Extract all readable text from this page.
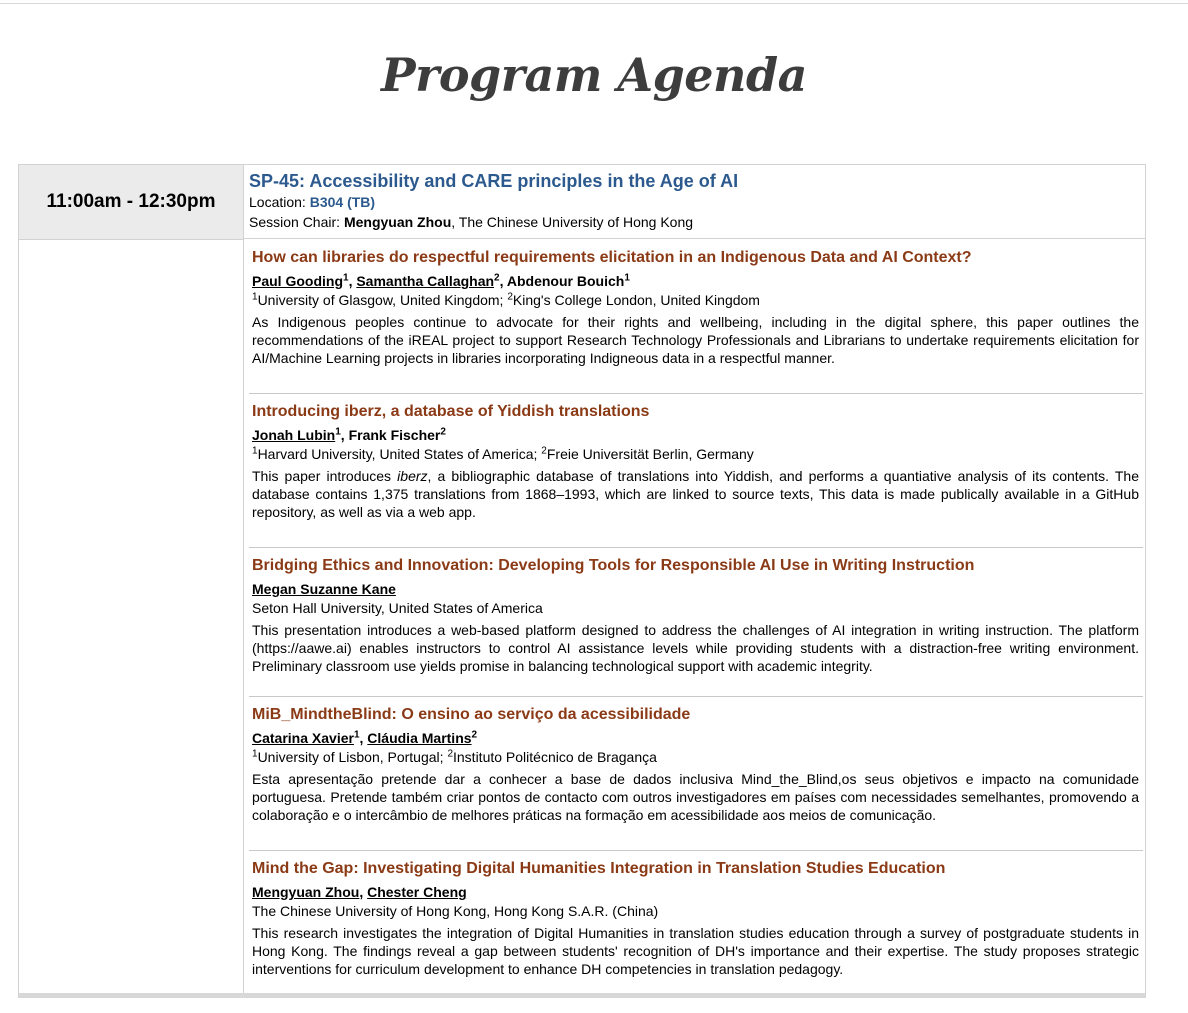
Program Agenda
11:00am - 12:30pm
SP-45: Accessibility and CARE principles in the Age of AI
Location: B304 (TB)
Session Chair: Mengyuan Zhou, The Chinese University of Hong Kong
How can libraries do respectful requirements elicitation in an Indigenous Data and AI Context?
Paul Gooding$^1$, Samantha Callaghan$^2$, Abdenour Bouich$^1$
$^1$University of Glasgow, United Kingdom; $^2$King's College London, United Kingdom
As Indigenous peoples continue to advocate for their rights and wellbeing, including in the digital sphere, this paper outlines the recommendations of the iREAL project to support Research Technology Professionals and Librarians to undertake requirements elicitation for AI/Machine Learning projects in libraries incorporating Indigneous data in a respectful manner.
Introducing iberz, a database of Yiddish translations
Jonah Lubin$^1$, Frank Fischer$^2$
$^1$Harvard University, United States of America; $^2$Freie Universität Berlin, Germany
This paper introduces iberz, a bibliographic database of translations into Yiddish, and performs a quantiative analysis of its contents. The database contains 1,375 translations from 1868–1993, which are linked to source texts, This data is made publically available in a GitHub repository, as well as via a web app.
Bridging Ethics and Innovation: Developing Tools for Responsible AI Use in Writing Instruction
Megan Suzanne Kane
Seton Hall University, United States of America
This presentation introduces a web-based platform designed to address the challenges of AI integration in writing instruction. The platform (https://aawe.ai) enables instructors to control AI assistance levels while providing students with a distraction-free writing environment. Preliminary classroom use yields promise in balancing technological support with academic integrity.
MiB_MindtheBlind: O ensino ao serviço da acessibilidade
Catarina Xavier$^1$, Cláudia Martins$^2$
$^1$University of Lisbon, Portugal; $^2$Instituto Politécnico de Bragança
Esta apresentação pretende dar a conhecer a base de dados inclusiva Mind_the_Blind,os seus objetivos e impacto na comunidade portuguesa. Pretende também criar pontos de contacto com outros investigadores em países com necessidades semelhantes, promovendo a colaboração e o intercâmbio de melhores práticas na formação em acessibilidade aos meios de comunicação.
Mind the Gap: Investigating Digital Humanities Integration in Translation Studies Education
Mengyuan Zhou, Chester Cheng
The Chinese University of Hong Kong, Hong Kong S.A.R. (China)
This research investigates the integration of Digital Humanities in translation studies education through a survey of postgraduate students in Hong Kong. The findings reveal a gap between students' recognition of DH's importance and their expertise. The study proposes strategic interventions for curriculum development to enhance DH competencies in translation pedagogy.
